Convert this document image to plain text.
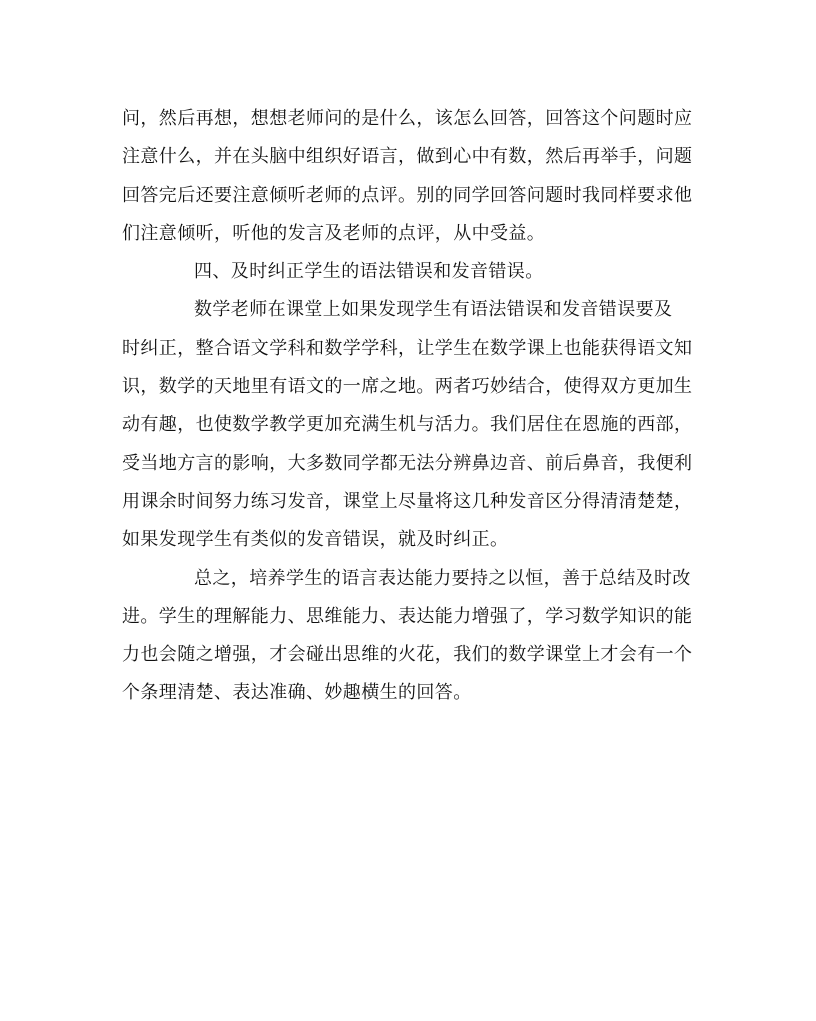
问，然后再想，想想老师问的是什么，该怎么回答，回答这个问题时应
注意什么，并在头脑中组织好语言，做到心中有数，然后再举手，问题
回答完后还要注意倾听老师的点评。别的同学回答问题时我同样要求他
们注意倾听，听他的发言及老师的点评，从中受益。
四、及时纠正学生的语法错误和发音错误。
数学老师在课堂上如果发现学生有语法错误和发音错误要及
时纠正，整合语文学科和数学学科，让学生在数学课上也能获得语文知
识，数学的天地里有语文的一席之地。两者巧妙结合，使得双方更加生
动有趣，也使数学教学更加充满生机与活力。我们居住在恩施的西部，
受当地方言的影响，大多数同学都无法分辨鼻边音、前后鼻音，我便利
用课余时间努力练习发音，课堂上尽量将这几种发音区分得清清楚楚，
如果发现学生有类似的发音错误，就及时纠正。
总之，培养学生的语言表达能力要持之以恒，善于总结及时改
进。学生的理解能力、思维能力、表达能力增强了，学习数学知识的能
力也会随之增强，才会碰出思维的火花，我们的数学课堂上才会有一个
个条理清楚、表达准确、妙趣横生的回答。
